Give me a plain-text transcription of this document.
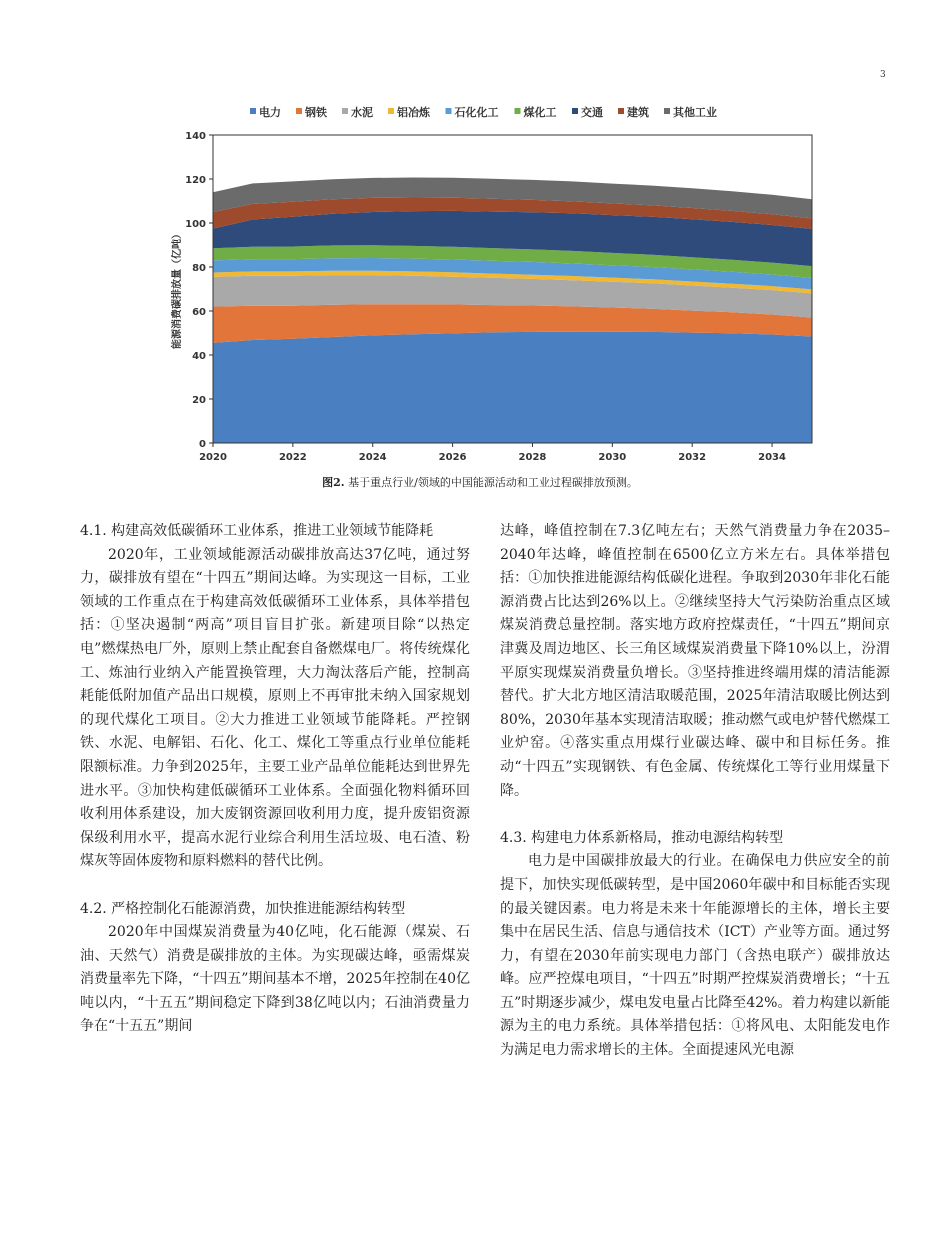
3
电力 钢铁 水泥 铝冶炼 石化化工 煤化工 交通 建筑 其他工业
0
20
40
60
80
100
120
140
2020	2022	2024	2026	2028	2030	2032	2034
能源消费碳排放量（亿吨）
图2. 基于重点行业/领域的中国能源活动和工业过程碳排放预测。
4.1. 构建高效低碳循环工业体系，推进工业领域节能降耗

2020年，工业领域能源活动碳排放高达37亿吨，通过努力，碳排放有望在“十四五”期间达峰。为实现这一目标，工业领域的工作重点在于构建高效低碳循环工业体系，具体举措包括：①坚决遏制“两高”项目盲目扩张。新建项目除“以热定电”燃煤热电厂外，原则上禁止配套自备燃煤电厂。将传统煤化工、炼油行业纳入产能置换管理，大力淘汰落后产能，控制高耗能低附加值产品出口规模，原则上不再审批未纳入国家规划的现代煤化工项目。②大力推进工业领域节能降耗。严控钢铁、水泥、电解铝、石化、化工、煤化工等重点行业单位能耗限额标准。力争到2025年，主要工业产品单位能耗达到世界先进水平。③加快构建低碳循环工业体系。全面强化物料循环回收利用体系建设，加大废钢资源回收利用力度，提升废铝资源保级利用水平，提高水泥行业综合利用生活垃圾、电石渣、粉煤灰等固体废物和原料燃料的替代比例。

4.2. 严格控制化石能源消费，加快推进能源结构转型

2020年中国煤炭消费量为40亿吨，化石能源（煤炭、石油、天然气）消费是碳排放的主体。为实现碳达峰，亟需煤炭消费量率先下降，“十四五”期间基本不增，2025年控制在40亿吨以内，“十五五”期间稳定下降到38亿吨以内；石油消费量力争在“十五五”期间

达峰，峰值控制在7.3亿吨左右；天然气消费量力争在2035–2040年达峰，峰值控制在6500亿立方米左右。具体举措包括：①加快推进能源结构低碳化进程。争取到2030年非化石能源消费占比达到26%以上。②继续坚持大气污染防治重点区域煤炭消费总量控制。落实地方政府控煤责任，“十四五”期间京津冀及周边地区、长三角区域煤炭消费量下降10%以上，汾渭平原实现煤炭消费量负增长。③坚持推进终端用煤的清洁能源替代。扩大北方地区清洁取暖范围，2025年清洁取暖比例达到80%，2030年基本实现清洁取暖；推动燃气或电炉替代燃煤工业炉窑。④落实重点用煤行业碳达峰、碳中和目标任务。推动“十四五”实现钢铁、有色金属、传统煤化工等行业用煤量下降。

4.3. 构建电力体系新格局，推动电源结构转型

电力是中国碳排放最大的行业。在确保电力供应安全的前提下，加快实现低碳转型，是中国2060年碳中和目标能否实现的最关键因素。电力将是未来十年能源增长的主体，增长主要集中在居民生活、信息与通信技术（ICT）产业等方面。通过努力，有望在2030年前实现电力部门（含热电联产）碳排放达峰。应严控煤电项目，“十四五”时期严控煤炭消费增长；“十五五”时期逐步减少，煤电发电量占比降至42%。着力构建以新能源为主的电力系统。具体举措包括：①将风电、太阳能发电作为满足电力需求增长的主体。全面提速风光电源
